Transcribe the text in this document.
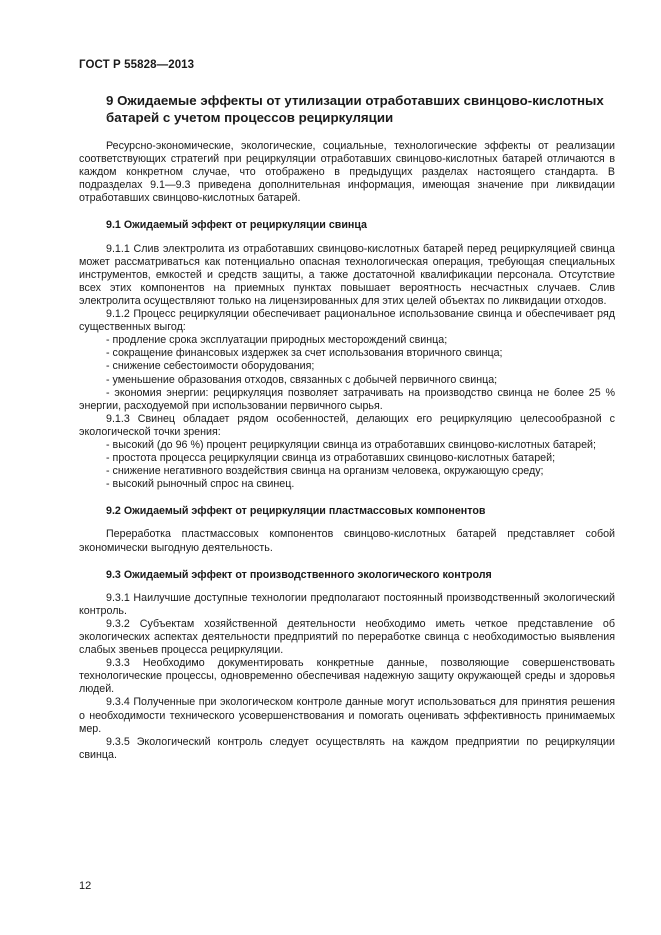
ГОСТ Р 55828—2013
9 Ожидаемые эффекты от утилизации отработавших свинцово-кислотных батарей с учетом процессов рециркуляции

Ресурсно-экономические, экологические, социальные, технологические эффекты от реализации соответствующих стратегий при рециркуляции отработавших свинцово-кислотных батарей отличаются в каждом конкретном случае, что отображено в предыдущих разделах настоящего стандарта. В подразделах 9.1—9.3 приведена дополнительная информация, имеющая значение при ликвидации отработавших свинцово-кислотных батарей.

9.1 Ожидаемый эффект от рециркуляции свинца

9.1.1 Слив электролита из отработавших свинцово-кислотных батарей перед рециркуляцией свинца может рассматриваться как потенциально опасная технологическая операция, требующая специальных инструментов, емкостей и средств защиты, а также достаточной квалификации персонала. Отсутствие всех этих компонентов на приемных пунктах повышает вероятность несчастных случаев. Слив электролита осуществляют только на лицензированных для этих целей объектах по ликвидации отходов.

9.1.2 Процесс рециркуляции обеспечивает рациональное использование свинца и обеспечивает ряд существенных выгод:

- продление срока эксплуатации природных месторождений свинца;

- сокращение финансовых издержек за счет использования вторичного свинца;

- снижение себестоимости оборудования;

- уменьшение образования отходов, связанных с добычей первичного свинца;

- экономия энергии: рециркуляция позволяет затрачивать на производство свинца не более 25 % энергии, расходуемой при использовании первичного сырья.

9.1.3 Свинец обладает рядом особенностей, делающих его рециркуляцию целесообразной с экологической точки зрения:

- высокий (до 96 %) процент рециркуляции свинца из отработавших свинцово-кислотных батарей;

- простота процесса рециркуляции свинца из отработавших свинцово-кислотных батарей;

- снижение негативного воздействия свинца на организм человека, окружающую среду;

- высокий рыночный спрос на свинец.

9.2 Ожидаемый эффект от рециркуляции пластмассовых компонентов

Переработка пластмассовых компонентов свинцово-кислотных батарей представляет собой экономически выгодную деятельность.

9.3 Ожидаемый эффект от производственного экологического контроля

9.3.1 Наилучшие доступные технологии предполагают постоянный производственный экологический контроль.

9.3.2 Субъектам хозяйственной деятельности необходимо иметь четкое представление об экологических аспектах деятельности предприятий по переработке свинца с необходимостью выявления слабых звеньев процесса рециркуляции.

9.3.3 Необходимо документировать конкретные данные, позволяющие совершенствовать технологические процессы, одновременно обеспечивая надежную защиту окружающей среды и здоровья людей.

9.3.4 Полученные при экологическом контроле данные могут использоваться для принятия решения о необходимости технического усовершенствования и помогать оценивать эффективность принимаемых мер.

9.3.5 Экологический контроль следует осуществлять на каждом предприятии по рециркуляции свинца.

12
